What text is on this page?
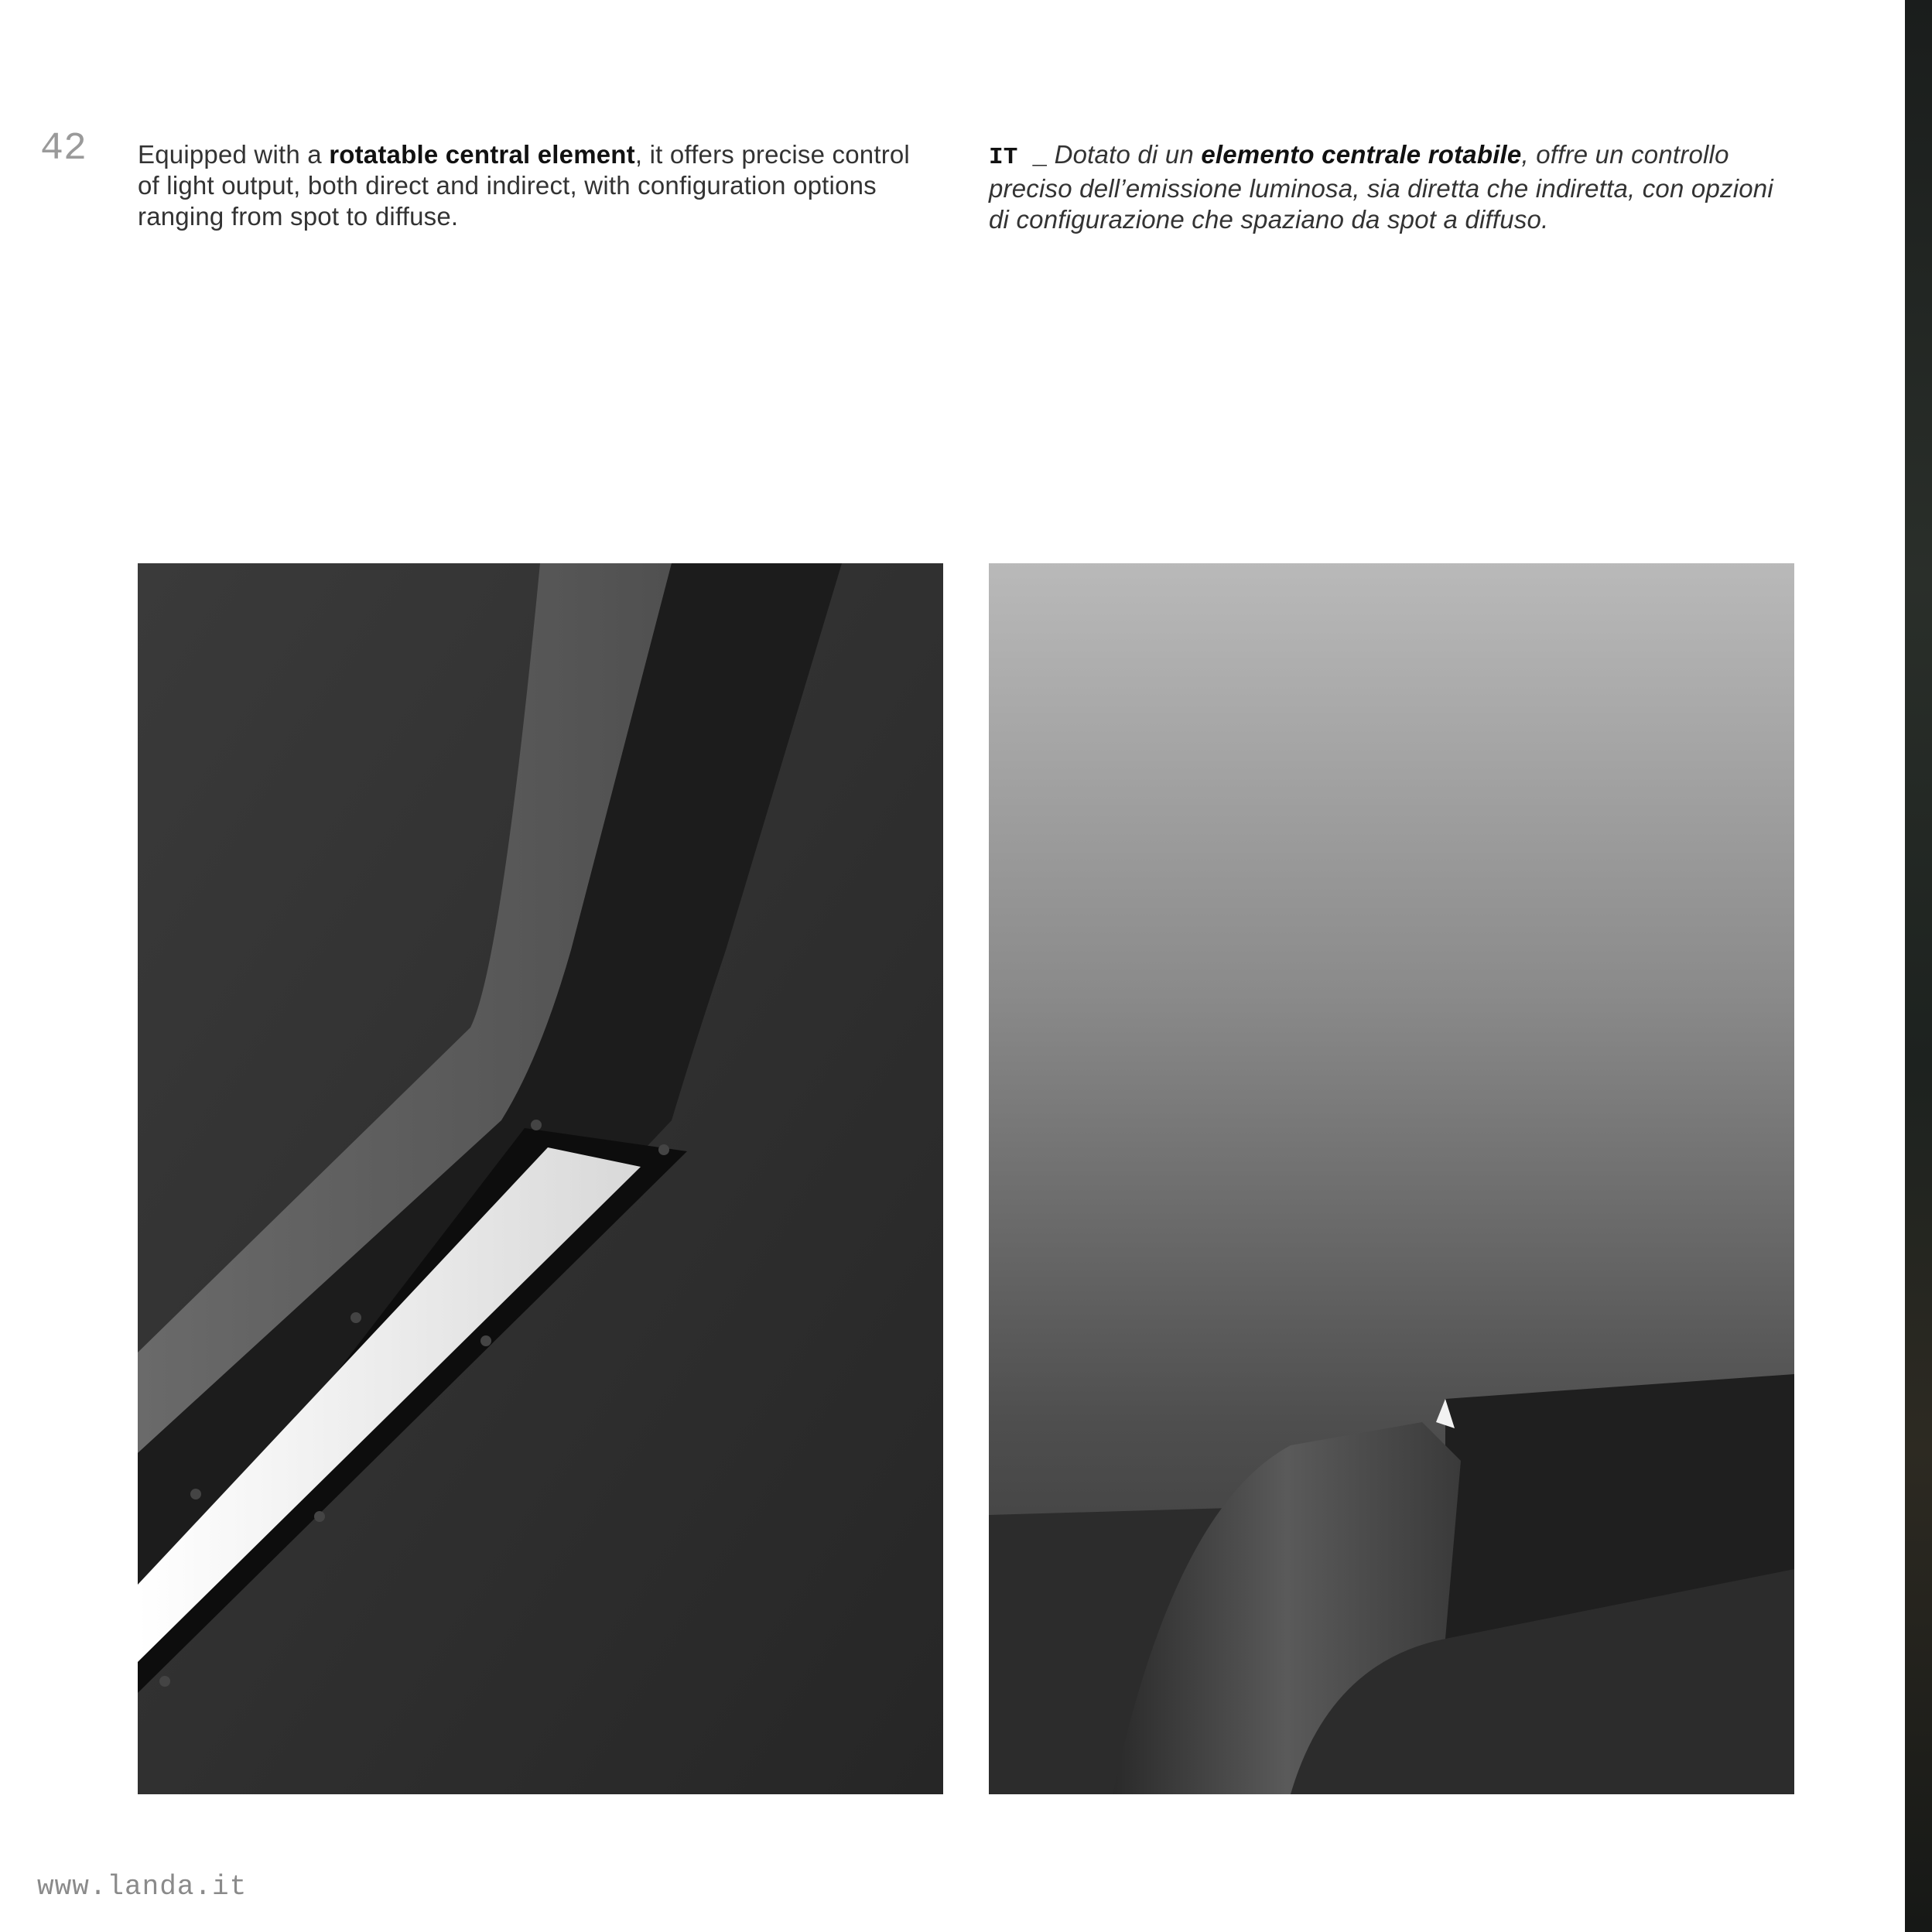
42 Equipped with a rotatable central element, it offers precise control of light output, both direct and indirect, with configuration options ranging from spot to diffuse.
IT _ Dotato di un elemento centrale rotabile, offre un controllo preciso dell’emissione luminosa, sia diretta che indiretta, con opzioni di configurazione che spaziano da spot a diffuso.
www.landa.it
